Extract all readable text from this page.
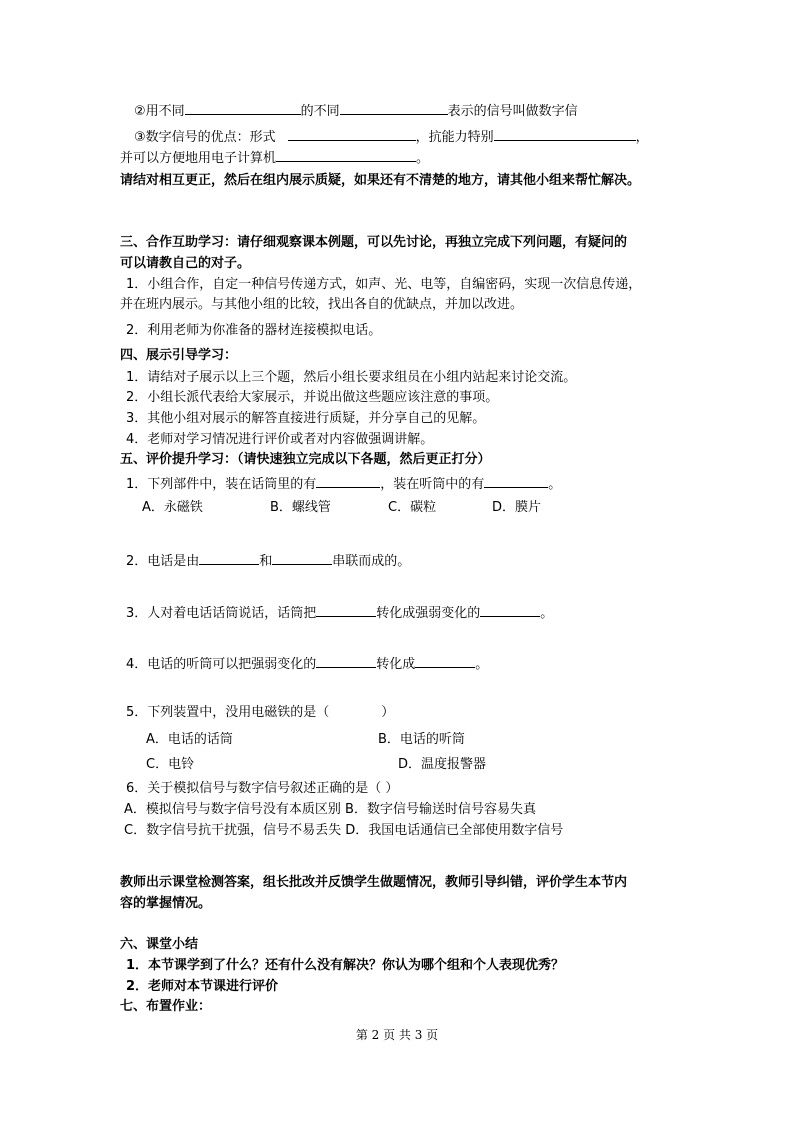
②用不同	的不同	表示的信号叫做数字信
③数字信号的优点：形式	，抗能力特别	，
并可以方便地用电子计算机	。
请结对相互更正，然后在组内展示质疑，如果还有不清楚的地方，请其他小组来帮忙解决。
三、合作互助学习：请仔细观察课本例题，可以先讨论，再独立完成下列问题，有疑问的
可以请教自己的对子。
1．小组合作，自定一种信号传递方式，如声、光、电等，自编密码，实现一次信息传递，
并在班内展示。与其他小组的比较，找出各自的优缺点，并加以改进。
2．利用老师为你准备的器材连接模拟电话。
四、展示引导学习：
1．请结对子展示以上三个题，然后小组长要求组员在小组内站起来讨论交流。
2．小组长派代表给大家展示，并说出做这些题应该注意的事项。
3．其他小组对展示的解答直接进行质疑，并分享自己的见解。
4．老师对学习情况进行评价或者对内容做强调讲解。
五、评价提升学习：（请快速独立完成以下各题，然后更正打分）
1．下列部件中，装在话筒里的有	，装在听筒中的有	。
A．永磁铁	B．螺线管	C．碳粒	D．膜片
2．电话是由	和	串联而成的。
3．人对着电话话筒说话，话筒把	转化成强弱变化的	。
4．电话的听筒可以把强弱变化的	转化成	。
5．下列装置中，没用电磁铁的是（	）
A．电话的话筒	B．电话的听筒
C．电铃	D．温度报警器
6．关于模拟信号与数字信号叙述正确的是（ ）
A．模拟信号与数字信号没有本质区别 B．数字信号输送时信号容易失真
C．数字信号抗干扰强，信号不易丢失 D．我国电话通信已全部使用数字信号
教师出示课堂检测答案，组长批改并反馈学生做题情况，教师引导纠错，评价学生本节内
容的掌握情况。
六、课堂小结
1．本节课学到了什么？还有什么没有解决？你认为哪个组和个人表现优秀？
2．老师对本节课进行评价
七、布置作业：
第 2 页 共 3 页
